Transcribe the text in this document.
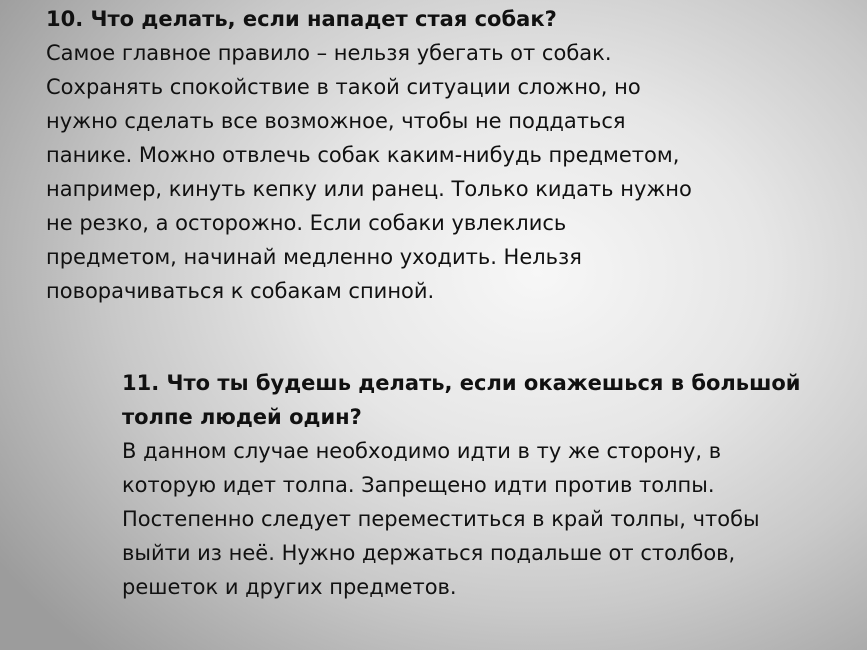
10. Что делать, если нападет стая собак?

Самое главное правило – нельзя убегать от собак.

Сохранять спокойствие в такой ситуации сложно, но

нужно сделать все возможное, чтобы не поддаться

панике. Можно отвлечь собак каким-нибудь предметом,

например, кинуть кепку или ранец. Только кидать нужно

не резко, а осторожно. Если собаки увлеклись

предметом, начинай медленно уходить. Нельзя

поворачиваться к собакам спиной.

11. Что ты будешь делать, если окажешься в большой

толпе людей один?

В данном случае необходимо идти в ту же сторону, в

которую идет толпа. Запрещено идти против толпы.

Постепенно следует переместиться в край толпы, чтобы

выйти из неё. Нужно держаться подальше от столбов,

решеток и других предметов.
